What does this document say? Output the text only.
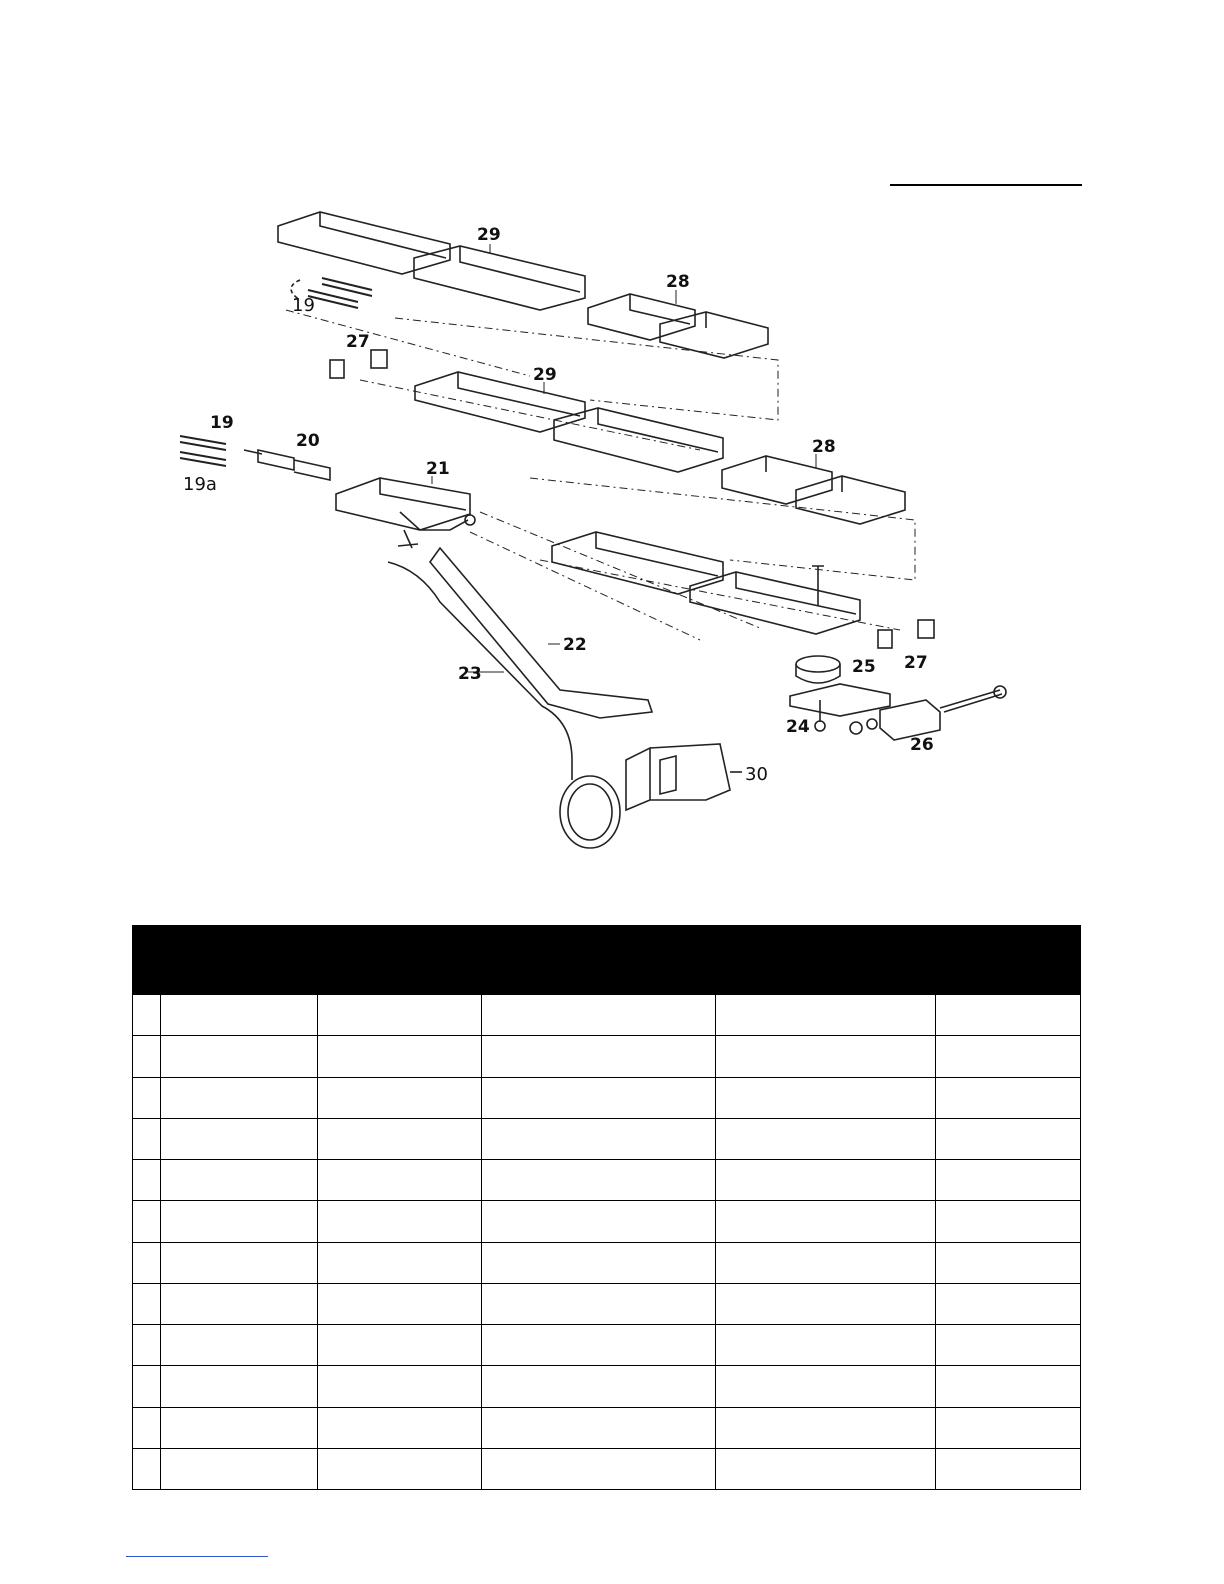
29
28
19
27
29
19
20	28
19a
21
22
23	25 27
24
26
30
